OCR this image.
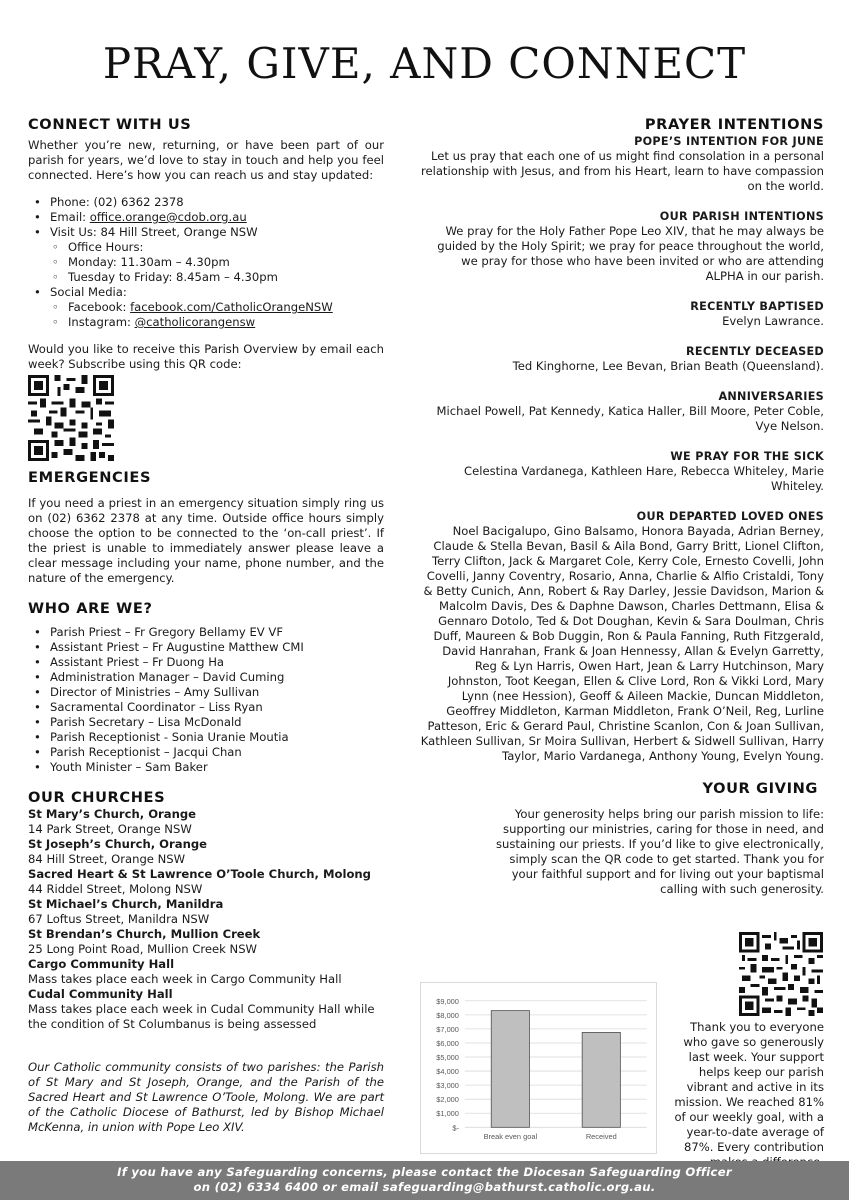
PRAY, GIVE, AND CONNECT
CONNECT WITH US

Whether you’re new, returning, or have been part of our parish for years, we’d love to stay in touch and help you feel connected. Here’s how you can reach us and stay updated:

• Phone: (02) 6362 2378
• Email: office.orange@cdob.org.au
• Visit Us: 84 Hill Street, Orange NSW
◦ Office Hours:
◦ Monday: 11.30am – 4.30pm
◦ Tuesday to Friday: 8.45am – 4.30pm
• Social Media:
◦ Facebook: facebook.com/CatholicOrangeNSW
◦ Instagram: @catholicorangensw

Would you like to receive this Parish Overview by email each week? Subscribe using this QR code:

EMERGENCIES

If you need a priest in an emergency situation simply ring us on (02) 6362 2378 at any time. Outside office hours simply choose the option to be connected to the ‘on-call priest’. If the priest is unable to immediately answer please leave a clear message including your name, phone number, and the nature of the emergency.

WHO ARE WE?
• Parish Priest – Fr Gregory Bellamy EV VF
• Assistant Priest – Fr Augustine Matthew CMI
• Assistant Priest – Fr Duong Ha
• Administration Manager – David Cuming
• Director of Ministries – Amy Sullivan
• Sacramental Coordinator – Liss Ryan
• Parish Secretary – Lisa McDonald
• Parish Receptionist - Sonia Uranie Moutia
• Parish Receptionist – Jacqui Chan
• Youth Minister – Sam Baker
OUR CHURCHES
St Mary’s Church, Orange
14 Park Street, Orange NSW
St Joseph’s Church, Orange
84 Hill Street, Orange NSW
Sacred Heart & St Lawrence O’Toole Church, Molong
44 Riddel Street, Molong NSW
St Michael’s Church, Manildra
67 Loftus Street, Manildra NSW
St Brendan’s Church, Mullion Creek
25 Long Point Road, Mullion Creek NSW
Cargo Community Hall
Mass takes place each week in Cargo Community Hall
Cudal Community Hall
Mass takes place each week in Cudal Community Hall while the condition of St Columbanus is being assessed

Our Catholic community consists of two parishes: the Parish of St Mary and St Joseph, Orange, and the Parish of the Sacred Heart and St Lawrence O’Toole, Molong. We are part of the Catholic Diocese of Bathurst, led by Bishop Michael McKenna, in union with Pope Leo XIV.

PRAYER INTENTIONS
POPE’S INTENTION FOR JUNE

Let us pray that each one of us might find consolation in a personal relationship with Jesus, and from his Heart, learn to have compassion on the world.

OUR PARISH INTENTIONS

We pray for the Holy Father Pope Leo XIV, that he may always be guided by the Holy Spirit; we pray for peace throughout the world, we pray for those who have been invited or who are attending ALPHA in our parish.

RECENTLY BAPTISED

Evelyn Lawrance.

RECENTLY DECEASED

Ted Kinghorne, Lee Bevan, Brian Beath (Queensland).

ANNIVERSARIES

Michael Powell, Pat Kennedy, Katica Haller, Bill Moore, Peter Coble, Vye Nelson.

WE PRAY FOR THE SICK

Celestina Vardanega, Kathleen Hare, Rebecca Whiteley, Marie Whiteley.

OUR DEPARTED LOVED ONES

Noel Bacigalupo, Gino Balsamo, Honora Bayada, Adrian Berney, Claude & Stella Bevan, Basil & Aila Bond, Garry Britt, Lionel Clifton, Terry Clifton, Jack & Margaret Cole, Kerry Cole, Ernesto Covelli, John Covelli, Janny Coventry, Rosario, Anna, Charlie & Alfio Cristaldi, Tony & Betty Cunich, Ann, Robert & Ray Darley, Jessie Davidson, Marion & Malcolm Davis, Des & Daphne Dawson, Charles Dettmann, Elisa & Gennaro Dotolo, Ted & Dot Doughan, Kevin & Sara Doulman, Chris Duff, Maureen & Bob Duggin, Ron & Paula Fanning, Ruth Fitzgerald, David Hanrahan, Frank & Joan Hennessy, Allan & Evelyn Garretty, Reg & Lyn Harris, Owen Hart, Jean & Larry Hutchinson, Mary Johnston, Toot Keegan, Ellen & Clive Lord, Ron & Vikki Lord, Mary Lynn (nee Hession), Geoff & Aileen Mackie, Duncan Middleton, Geoffrey Middleton, Karman Middleton, Frank O’Neil, Reg, Lurline Patteson, Eric & Gerard Paul, Christine Scanlon, Con & Joan Sullivan, Kathleen Sullivan, Sr Moira Sullivan, Herbert & Sidwell Sullivan, Harry Taylor, Mario Vardanega, Anthony Young, Evelyn Young.

YOUR GIVING

Your generosity helps bring our parish mission to life: supporting our ministries, caring for those in need, and sustaining our priests. If you’d like to give electronically, simply scan the QR code to get started. Thank you for your faithful support and for living out your baptismal calling with such generosity.

$-
$1,000
$2,000
$3,000
$4,000
$5,000
$6,000
$7,000
$8,000
$9,000
Break even goal	Received

Thank you to everyone who gave so generously last week. Your support helps keep our parish vibrant and active in its mission. We reached 81% of our weekly goal, with a year-to-date average of 87%. Every contribution

If you have any Safeguarding concerns, please contact the Diocesan Safeguarding Officer
on (02) 6334 6400 or email safeguarding@bathurst.catholic.org.au.
